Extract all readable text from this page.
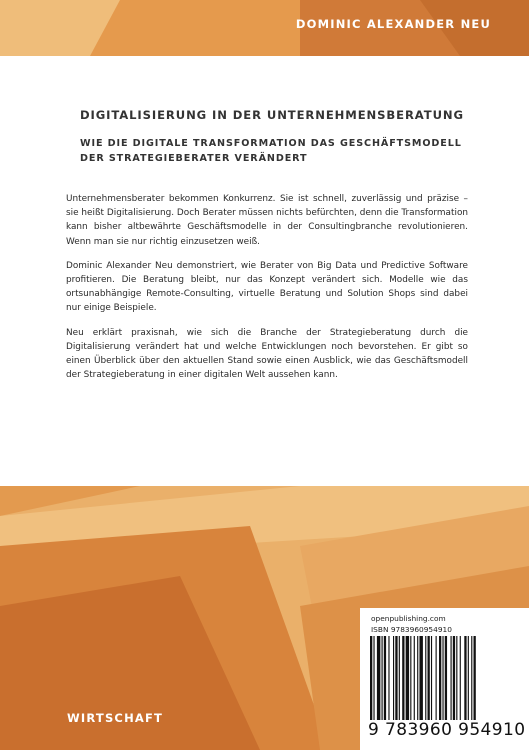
DOMINIC ALEXANDER NEU
DIGITALISIERUNG IN DER UNTERNEHMENSBERATUNG
WIE DIE DIGITALE TRANSFORMATION DAS GESCHÄFTSMODELL
DER STRATEGIEBERATER VERÄNDERT

Unternehmensberater bekommen Konkurrenz. Sie ist schnell, zuverlässig und präzise – sie heißt Digitalisierung. Doch Berater müssen nichts befürchten, denn die Transformation kann bisher altbewährte Geschäftsmodelle in der Consultingbranche revolutionieren. Wenn man sie nur richtig einzusetzen weiß.

Dominic Alexander Neu demonstriert, wie Berater von Big Data und Predictive Software profitieren. Die Beratung bleibt, nur das Konzept verändert sich. Modelle wie das ortsunabhängige Remote-Consulting, virtuelle Beratung und Solution Shops sind dabei nur einige Beispiele.

Neu erklärt praxisnah, wie sich die Branche der Strategieberatung durch die Digitalisierung verändert hat und welche Entwicklungen noch bevorstehen. Er gibt so einen Überblick über den aktuellen Stand sowie einen Ausblick, wie das Geschäftsmodell der Strategieberatung in einer digitalen Welt aussehen kann.

WIRTSCHAFT
openpublishing.com
ISBN 9783960954910
9 783960 954910
